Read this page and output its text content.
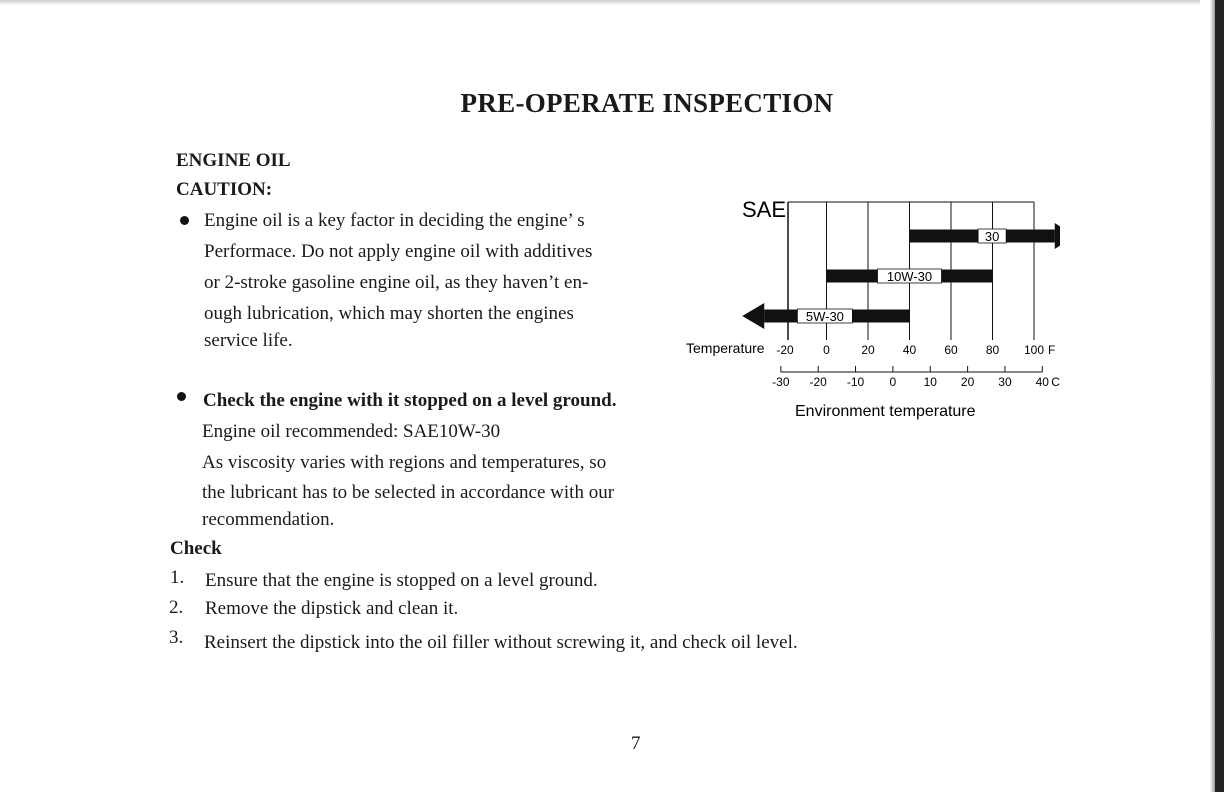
PRE-OPERATE INSPECTION
ENGINE OIL
CAUTION:
Engine oil is a key factor in deciding the engine’ s
Performace. Do not apply engine oil with additives
or 2-stroke gasoline engine oil, as they haven’t en-
ough lubrication, which may shorten the engines
service life.
Check the engine with it stopped on a level ground.
Engine oil recommended: SAE10W-30
As viscosity varies with regions and temperatures, so
the lubricant has to be selected in accordance with our
recommendation.
Check
1. Ensure that the engine is stopped on a level ground.
2. Remove the dipstick and clean it.
3. Reinsert the dipstick into the oil filler without screwing it, and check oil level.
SAE
30
10W-30
5W-30
Temperature -20 0	20 40 60 80 100 F
-30 -20 -10 0 10 20 30 40 C
Environment temperature
7
